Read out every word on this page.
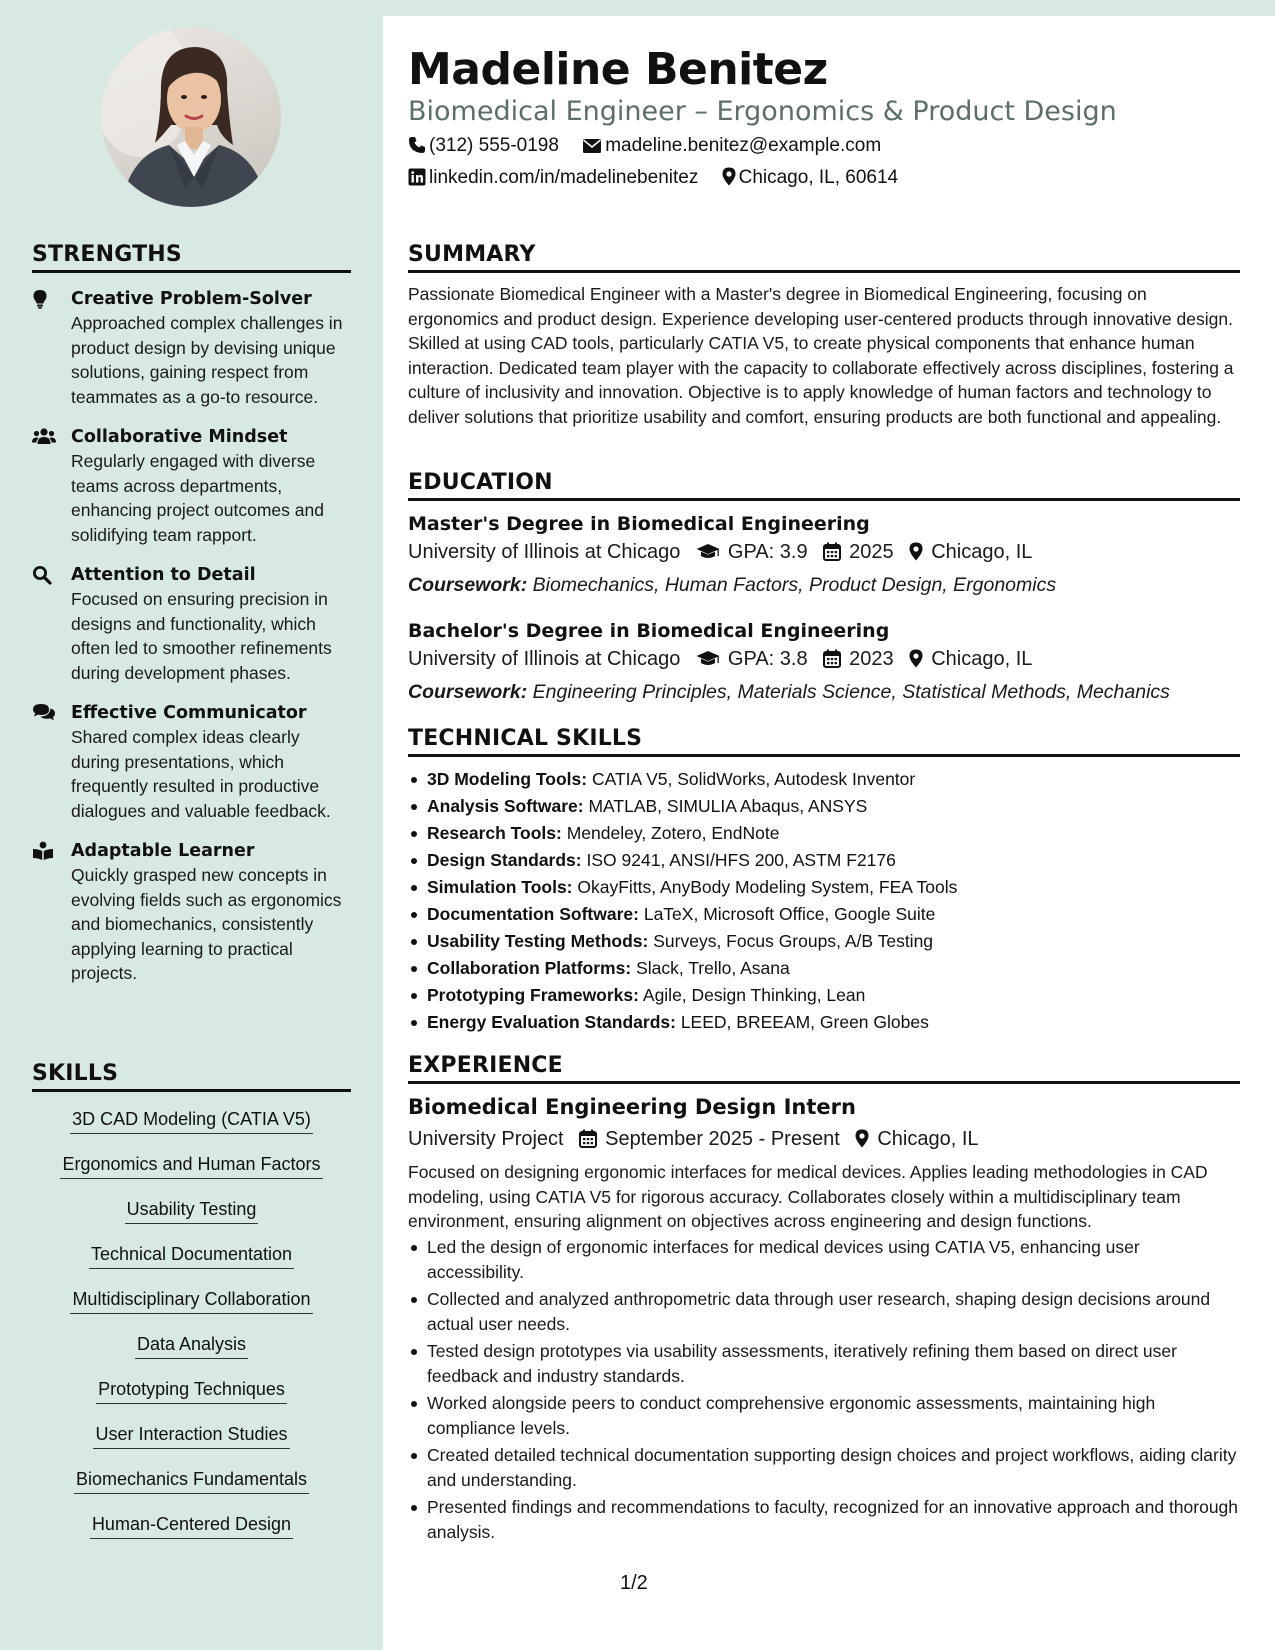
Madeline Benitez
Biomedical Engineer – Ergonomics & Product Design
(312) 555-0198 madeline.benitez@example.com
linkedin.com/in/madelinebenitez Chicago, IL, 60614
STRENGTHS
Creative Problem-Solver
Approached complex challenges in product design by devising unique solutions, gaining respect from teammates as a go-to resource.
Collaborative Mindset
Regularly engaged with diverse teams across departments, enhancing project outcomes and solidifying team rapport.
Attention to Detail
Focused on ensuring precision in designs and functionality, which often led to smoother refinements during development phases.
Effective Communicator
Shared complex ideas clearly during presentations, which frequently resulted in productive dialogues and valuable feedback.
Adaptable Learner
Quickly grasped new concepts in evolving fields such as ergonomics and biomechanics, consistently applying learning to practical projects.
SKILLS
3D CAD Modeling (CATIA V5)
Ergonomics and Human Factors
Usability Testing
Technical Documentation
Multidisciplinary Collaboration
Data Analysis
Prototyping Techniques
User Interaction Studies
Biomechanics Fundamentals
Human-Centered Design
SUMMARY

Passionate Biomedical Engineer with a Master's degree in Biomedical Engineering, focusing on ergonomics and product design. Experience developing user-centered products through innovative design. Skilled at using CAD tools, particularly CATIA V5, to create physical components that enhance human interaction. Dedicated team player with the capacity to collaborate effectively across disciplines, fostering a culture of inclusivity and innovation. Objective is to apply knowledge of human factors and technology to deliver solutions that prioritize usability and comfort, ensuring products are both functional and appealing.

EDUCATION
Master's Degree in Biomedical Engineering
University of Illinois at Chicago GPA: 3.9 2025 Chicago, IL
Coursework: Biomechanics, Human Factors, Product Design, Ergonomics
Bachelor's Degree in Biomedical Engineering
University of Illinois at Chicago GPA: 3.8 2023 Chicago, IL
Coursework: Engineering Principles, Materials Science, Statistical Methods, Mechanics
TECHNICAL SKILLS
3D Modeling Tools: CATIA V5, SolidWorks, Autodesk Inventor
Analysis Software: MATLAB, SIMULIA Abaqus, ANSYS
Research Tools: Mendeley, Zotero, EndNote
Design Standards: ISO 9241, ANSI/HFS 200, ASTM F2176
Simulation Tools: OkayFitts, AnyBody Modeling System, FEA Tools
Documentation Software: LaTeX, Microsoft Office, Google Suite
Usability Testing Methods: Surveys, Focus Groups, A/B Testing
Collaboration Platforms: Slack, Trello, Asana
Prototyping Frameworks: Agile, Design Thinking, Lean
Energy Evaluation Standards: LEED, BREEAM, Green Globes
EXPERIENCE
Biomedical Engineering Design Intern
University Project September 2025 - Present Chicago, IL

Focused on designing ergonomic interfaces for medical devices. Applies leading methodologies in CAD modeling, using CATIA V5 for rigorous accuracy. Collaborates closely within a multidisciplinary team environment, ensuring alignment on objectives across engineering and design functions.

Led the design of ergonomic interfaces for medical devices using CATIA V5, enhancing user accessibility.
Collected and analyzed anthropometric data through user research, shaping design decisions around actual user needs.
Tested design prototypes via usability assessments, iteratively refining them based on direct user feedback and industry standards.
Worked alongside peers to conduct comprehensive ergonomic assessments, maintaining high compliance levels.
Created detailed technical documentation supporting design choices and project workflows, aiding clarity and understanding.
Presented findings and recommendations to faculty, recognized for an innovative approach and thorough analysis.
1/2
